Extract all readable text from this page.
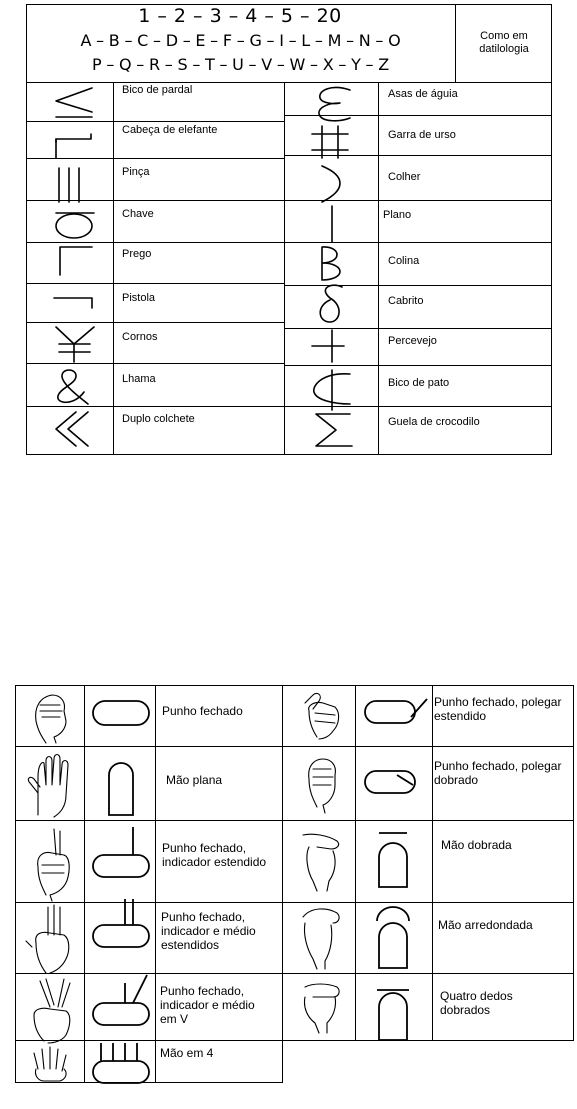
1 – 2 – 3 – 4 – 5 – 20
A – B – C – D – E – F – G – I – L – M – N – O
P – Q – R – S – T – U – V – W – X – Y – Z
Como em datilologia
Bico de pardal
Cabeça de elefante
Pinça
Chave
Prego
Pistola
Cornos
Lhama
Duplo colchete
Asas de águia
Garra de urso
Colher
Plano
Colina
Cabrito
Percevejo
Bico de pato
Guela de crocodilo
Punho fechado
Mão plana
Punho fechado, indicador estendido
Punho fechado, indicador e médio estendidos
Punho fechado, indicador e médio em V
Mão em 4
Punho fechado, polegar estendido
Punho fechado, polegar dobrado
Mão dobrada
Mão arredondada
Quatro dedos dobrados
